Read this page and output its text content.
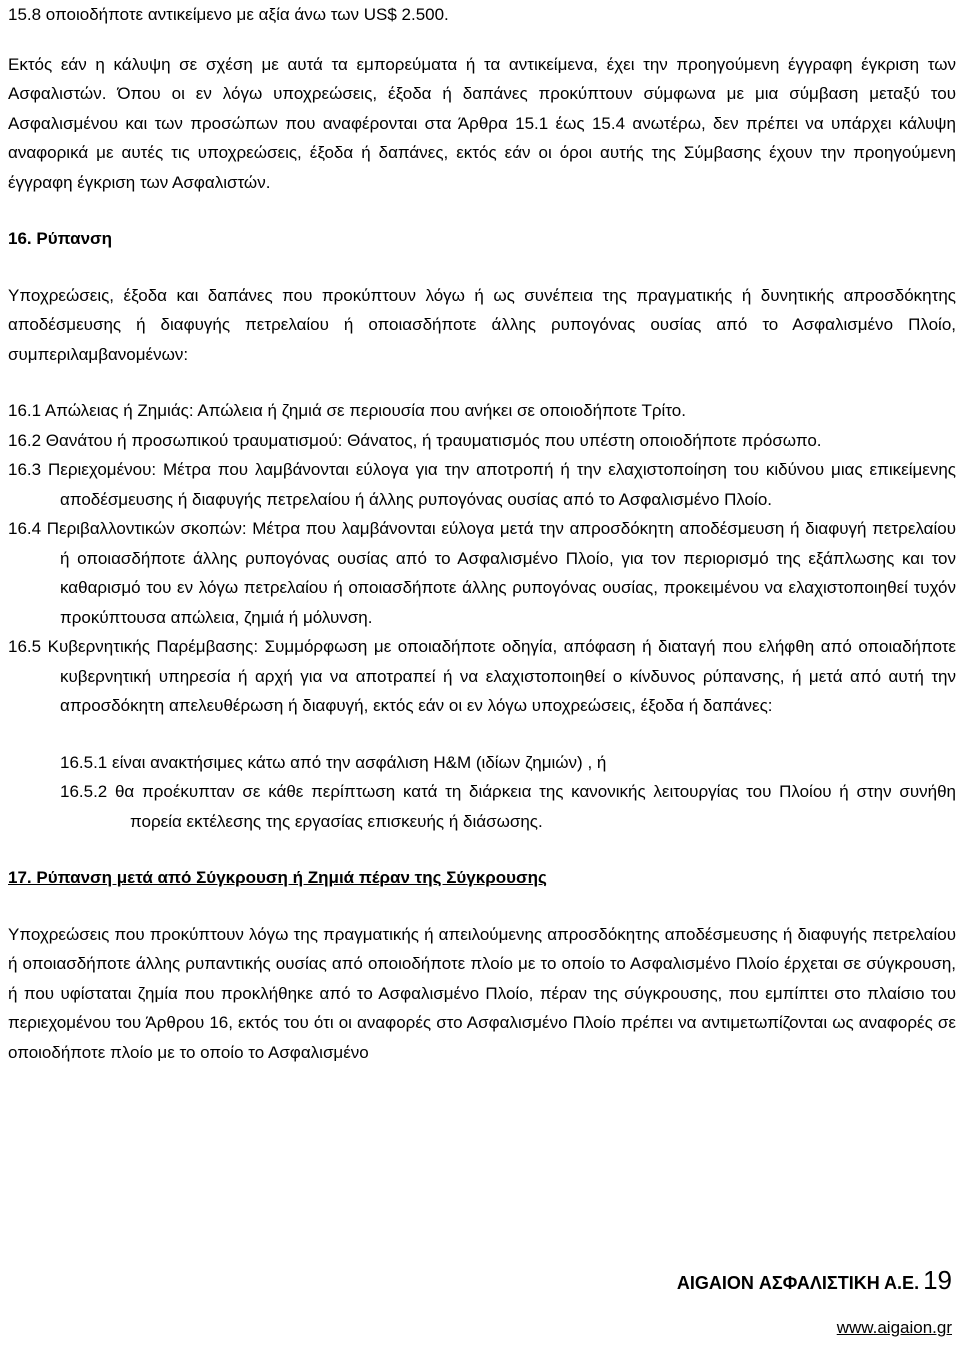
15.8 οποιοδήποτε αντικείμενο με αξία άνω των US$ 2.500.

Εκτός εάν η κάλυψη σε σχέση με αυτά τα εμπορεύματα ή τα αντικείμενα, έχει την προηγούμενη έγγραφη έγκριση των Ασφαλιστών. Όπου οι εν λόγω υποχρεώσεις, έξοδα ή δαπάνες προκύπτουν σύμφωνα με μια σύμβαση μεταξύ του Ασφαλισμένου και των προσώπων που αναφέρονται στα Άρθρα 15.1 έως 15.4 ανωτέρω, δεν πρέπει να υπάρχει κάλυψη αναφορικά με αυτές τις υποχρεώσεις, έξοδα ή δαπάνες, εκτός εάν οι όροι αυτής της Σύμβασης έχουν την προηγούμενη έγγραφη έγκριση των Ασφαλιστών.

16. Ρύπανση

Υποχρεώσεις, έξοδα και δαπάνες που προκύπτουν λόγω ή ως συνέπεια της πραγματικής ή δυνητικής απροσδόκητης αποδέσμευσης ή διαφυγής πετρελαίου ή οποιασδήποτε άλλης ρυπογόνας ουσίας από το Ασφαλισμένο Πλοίο, συμπεριλαμβανομένων:

16.1 Απώλειας ή Ζημιάς: Απώλεια ή ζημιά σε περιουσία που ανήκει σε οποιοδήποτε Τρίτο.

16.2 Θανάτου ή προσωπικού τραυματισμού: Θάνατος, ή τραυματισμός που υπέστη οποιοδήποτε πρόσωπο.

16.3 Περιεχομένου: Μέτρα που λαμβάνονται εύλογα για την αποτροπή ή την ελαχιστοποίηση του κιδύνου μιας επικείμενης αποδέσμευσης ή διαφυγής πετρελαίου ή άλλης ρυπογόνας ουσίας από το Ασφαλισμένο Πλοίο.

16.4 Περιβαλλοντικών σκοπών: Μέτρα που λαμβάνονται εύλογα μετά την απροσδόκητη αποδέσμευση ή διαφυγή πετρελαίου ή οποιασδήποτε άλλης ρυπογόνας ουσίας από το Ασφαλισμένο Πλοίο, για τον περιορισμό της εξάπλωσης και τον καθαρισμό του εν λόγω πετρελαίου ή οποιασδήποτε άλλης ρυπογόνας ουσίας, προκειμένου να ελαχιστοποιηθεί τυχόν προκύπτουσα απώλεια, ζημιά ή μόλυνση.

16.5 Κυβερνητικής Παρέμβασης: Συμμόρφωση με οποιαδήποτε οδηγία, απόφαση ή διαταγή που ελήφθη από οποιαδήποτε κυβερνητική υπηρεσία ή αρχή για να αποτραπεί ή να ελαχιστοποιηθεί ο κίνδυνος ρύπανσης, ή μετά από αυτή την απροσδόκητη απελευθέρωση ή διαφυγή, εκτός εάν οι εν λόγω υποχρεώσεις, έξοδα ή δαπάνες:

16.5.1 είναι ανακτήσιμες κάτω από την ασφάλιση H&M (ιδίων ζημιών) , ή

16.5.2 θα προέκυπταν σε κάθε περίπτωση κατά τη διάρκεια της κανονικής λειτουργίας του Πλοίου ή στην συνήθη πορεία εκτέλεσης της εργασίας επισκευής ή διάσωσης.

17. Ρύπανση μετά από Σύγκρουση ή Ζημιά πέραν της Σύγκρουσης

Υποχρεώσεις που προκύπτουν λόγω της πραγματικής ή απειλούμενης απροσδόκητης αποδέσμευσης ή διαφυγής πετρελαίου ή οποιασδήποτε άλλης ρυπαντικής ουσίας από οποιοδήποτε πλοίο με το οποίο το Ασφαλισμένο Πλοίο έρχεται σε σύγκρουση, ή που υφίσταται ζημία που προκλήθηκε από το Ασφαλισμένο Πλοίο, πέραν της σύγκρουσης, που εμπίπτει στο πλαίσιο του περιεχομένου του Άρθρου 16, εκτός του ότι οι αναφορές στο Ασφαλισμένο Πλοίο πρέπει να αντιμετωπίζονται ως αναφορές σε οποιοδήποτε πλοίο με το οποίο το Ασφαλισμένο

AIGAION ΑΣΦΑΛΙΣΤΙΚΗ Α.Ε. 19
www.aigaion.gr
